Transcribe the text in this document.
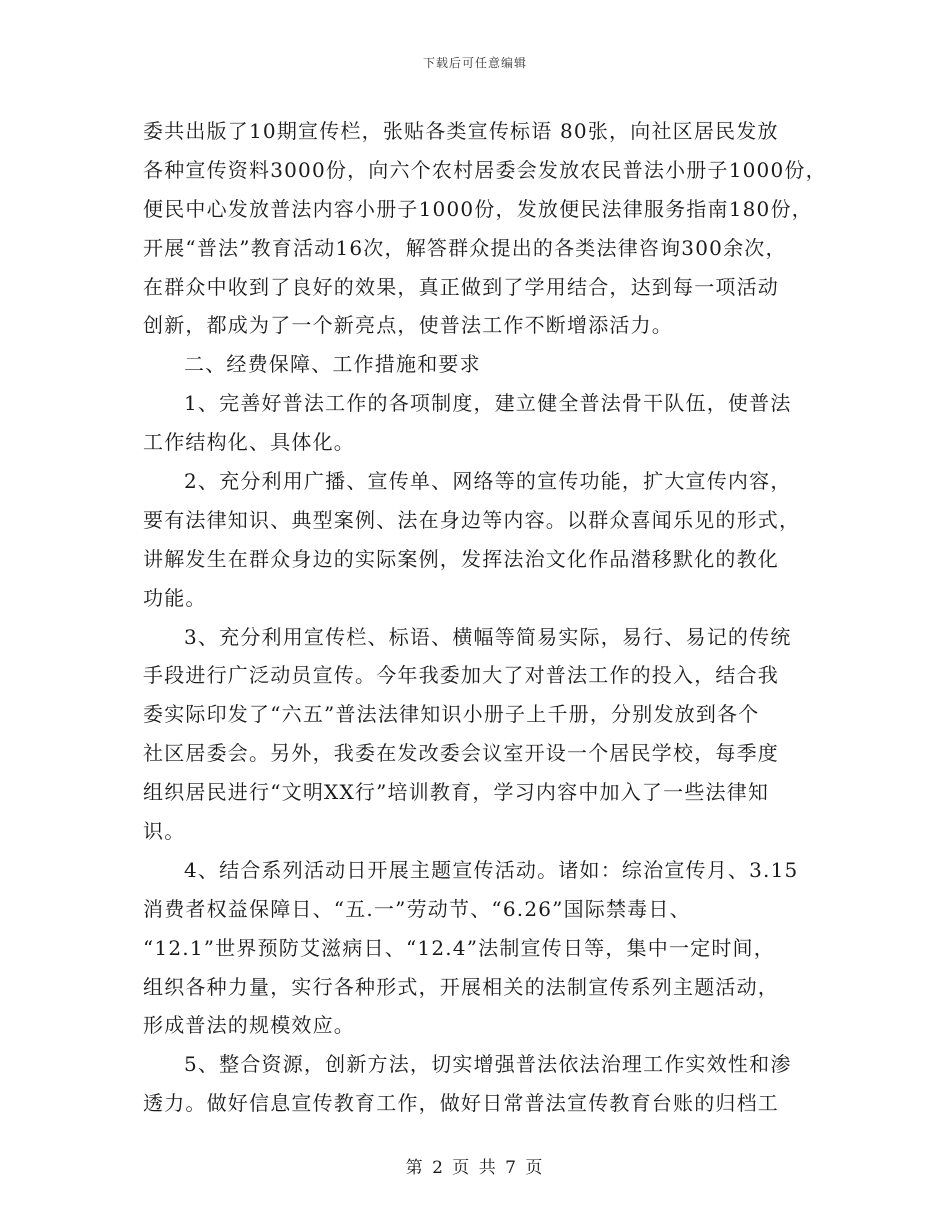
下载后可任意编辑
委共出版了10期宣传栏，张贴各类宣传标语 80张，向社区居民发放
各种宣传资料3000份，向六个农村居委会发放农民普法小册子1000份，
便民中心发放普法内容小册子1000份，发放便民法律服务指南180份，
开展“普法”教育活动16次，解答群众提出的各类法律咨询300余次，
在群众中收到了良好的效果，真正做到了学用结合，达到每一项活动
创新，都成为了一个新亮点，使普法工作不断增添活力。
二、经费保障、工作措施和要求
1、完善好普法工作的各项制度，建立健全普法骨干队伍，使普法
工作结构化、具体化。
2、充分利用广播、宣传单、网络等的宣传功能，扩大宣传内容，
要有法律知识、典型案例、法在身边等内容。以群众喜闻乐见的形式，
讲解发生在群众身边的实际案例，发挥法治文化作品潜移默化的教化
功能。
3、充分利用宣传栏、标语、横幅等简易实际，易行、易记的传统
手段进行广泛动员宣传。今年我委加大了对普法工作的投入，结合我
委实际印发了“六五”普法法律知识小册子上千册，分别发放到各个
社区居委会。另外，我委在发改委会议室开设一个居民学校，每季度
组织居民进行“文明XX行”培训教育，学习内容中加入了一些法律知
识。
4、结合系列活动日开展主题宣传活动。诸如：综治宣传月、3.15
消费者权益保障日、“五.一”劳动节、“6.26”国际禁毒日、
“12.1”世界预防艾滋病日、“12.4”法制宣传日等，集中一定时间，
组织各种力量，实行各种形式，开展相关的法制宣传系列主题活动，
形成普法的规模效应。
5、整合资源，创新方法，切实增强普法依法治理工作实效性和渗
透力。做好信息宣传教育工作，做好日常普法宣传教育台账的归档工
第 2 页 共 7 页
